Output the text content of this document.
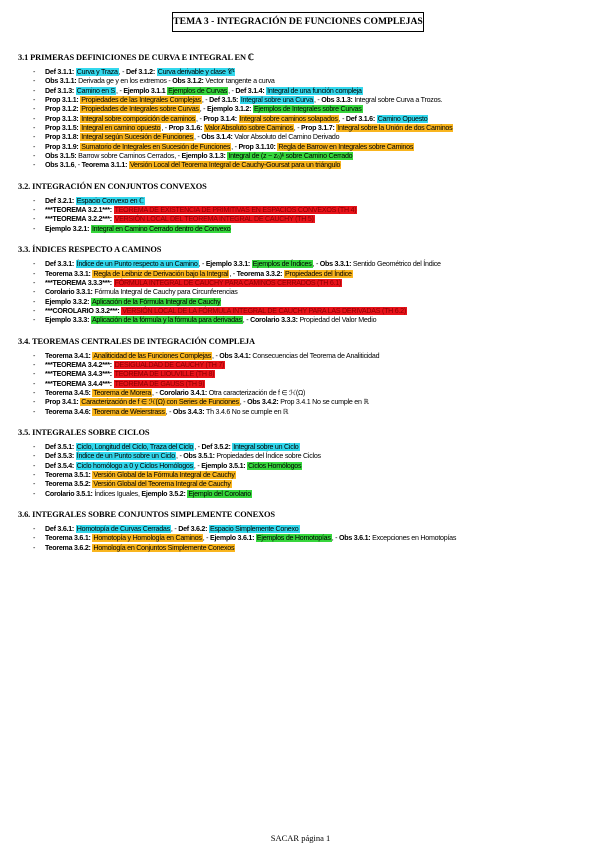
TEMA 3 - INTEGRACIÓN DE FUNCIONES COMPLEJAS
3.1 PRIMERAS DEFINICIONES DE CURVA E INTEGRAL EN ℂ
- Def 3.1.1: Curva y Traza, - Def 3.1.2: Curva derivable y clase 𝒞¹
- Obs 3.1.1: Derivada ge y en los extremos - Obs 3.1.2: Vector tangente a curva
- Def 3.1.3: Camino en S, - Ejemplo 3.1.1 Ejemplos de Curvas, - Def 3.1.4: Integral de una función compleja
- Prop 3.1.1: Propiedades de las Integrales Complejas, - Def 3.1.5: Integral sobre una Curva, - Obs 3.1.3: Integral sobre Curva a Trozos.
- Prop 3.1.2: Propiedades de Integrales sobre Curvas, - Ejemplo 3.1.2: Ejemplos de Integrales sobre Curvas
- Prop 3.1.3: Integral sobre composición de caminos, - Prop 3.1.4: Integral sobre caminos solapados, - Def 3.1.6: Camino Opuesto
- Prop 3.1.5: Integral en camino opuesto, - Prop 3.1.6: Valor Absoluto sobre Caminos, - Prop 3.1.7: Integral sobre la Unión de dos Caminos
- Prop 3.1.8: Integral según Sucesión de Funciones, - Obs 3.1.4: Valor Absoluto del Camino Derivado
- Prop 3.1.9: Sumatorio de Integrales en Sucesión de Funciones, - Prop 3.1.10: Regla de Barrow en Integrales sobre Caminos
- Obs 3.1.5: Barrow sobre Caminos Cerrados, - Ejemplo 3.1.3: Integral de (z − z₀)ᵏ sobre Camino Cerrado
- Obs 3.1.6, - Teorema 3.1.1: Versión Local del Teorema Integral de Cauchy-Goursat para un triángulo
3.2. INTEGRACIÓN EN CONJUNTOS CONVEXOS
- Def 3.2.1: Espacio Convexo en ℂ
- ***TEOREMA 3.2.1***: TEOREMA DE EXISTENCIA DE PRIMITIVAS EN ESPACIOS CONVEXOS (TH 4)
- ***TEOREMA 3.2.2***: VERSIÓN LOCAL DEL TEOREMA INTEGRAL DE CAUCHY (TH 5)
- Ejemplo 3.2.1: Integral en Camino Cerrado dentro de Convexo
3.3. ÍNDICES RESPECTO A CAMINOS
- Def 3.3.1: Índice de un Punto respecto a un Camino, - Ejemplo 3.3.1: Ejemplos de Índices, - Obs 3.3.1: Sentido Geométrico del Índice
- Teorema 3.3.1: Regla de Leibniz de Derivación bajo la Integral, - Teorema 3.3.2: Propiedades del Índice
- ***TEOREMA 3.3.3***: FÓRMULA INTEGRAL DE CAUCHY PARA CAMINOS CERRADOS (TH 6.1)
- Corolario 3.3.1: Fórmula Integral de Cauchy para Circunferencias
- Ejemplo 3.3.2: Aplicación de la Fórmula Integral de Cauchy
- ***COROLARIO 3.3.2***: VERSIÓN LOCAL DE LA FÓRMULA INTEGRAL DE CAUCHY PARA LAS DERIVADAS (TH 6.2)
- Ejemplo 3.3.3: Aplicación de la fórmula y la fórmula para derivadas, - Corolario 3.3.3: Propiedad del Valor Medio
3.4. TEOREMAS CENTRALES DE INTEGRACIÓN COMPLEJA
- Teorema 3.4.1: Analiticidad de las Funciones Complejas, - Obs 3.4.1: Consecuencias del Teorema de Analiticidad
- ***TEOREMA 3.4.2***: DESIGUALDAD DE CAUCHY (TH 7)
- ***TEOREMA 3.4.3***: TEOREMA DE LIOUVILLE (TH 8)
- ***TEOREMA 3.4.4***: TEOREMA DE GAUSS (TH 9)
- Teorema 3.4.5: Teorema de Morera, - Corolario 3.4.1: Otra caracterización de f ∈ ℋ(Ω)
- Prop 3.4.1: Caracterización de f ∈ ℋ(Ω) con Series de Funciones, - Obs 3.4.2: Prop 3.4.1 No se cumple en ℝ
- Teorema 3.4.6: Teorema de Weierstrass, - Obs 3.4.3: Th 3.4.6 No se cumple en ℝ
3.5. INTEGRALES SOBRE CICLOS
- Def 3.5.1: Ciclo, Longitud del Ciclo, Traza del Ciclo, - Def 3.5.2: Integral sobre un Ciclo
- Def 3.5.3: Índice de un Punto sobre un Ciclo, - Obs 3.5.1: Propiedades del Índice sobre Ciclos
- Def 3.5.4: Ciclo homólogo a 0 y Ciclos Homólogos, - Ejemplo 3.5.1: Ciclos Homólogos
- Teorema 3.5.1: Versión Global de la Fórmula Integral de Cauchy
- Teorema 3.5.2: Versión Global del Teorema Integral de Cauchy
- Corolario 3.5.1: Índices Iguales, Ejemplo 3.5.2: Ejemplo del Corolario
3.6. INTEGRALES SOBRE CONJUNTOS SIMPLEMENTE CONEXOS
- Def 3.6.1: Homotopía de Curvas Cerradas, - Def 3.6.2: Espacio Simplemente Conexo
- Teorema 3.6.1: Homotopía y Homología en Caminos, - Ejemplo 3.6.1: Ejemplos de Homotopías, - Obs 3.6.1: Excepciones en Homotopías
- Teorema 3.6.2: Homología en Conjuntos Simplemente Conexos
SACAR página 1
